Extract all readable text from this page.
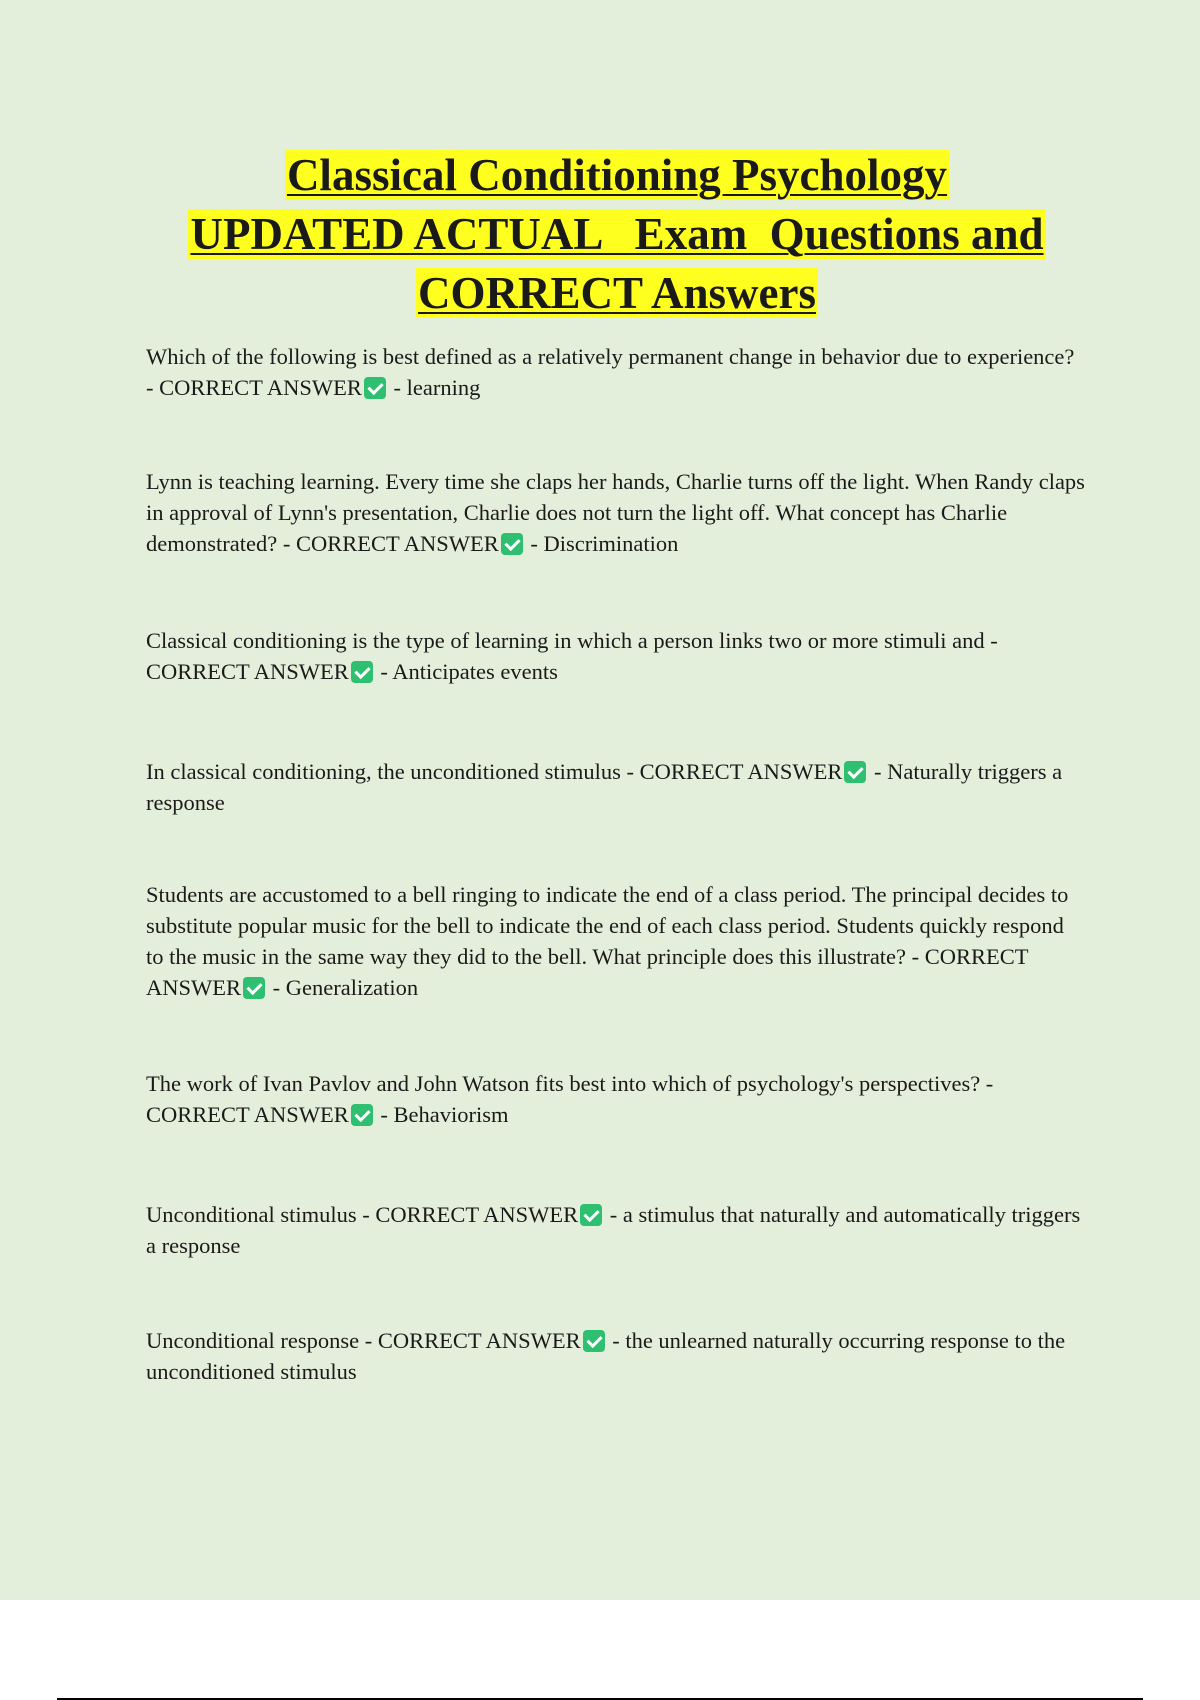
Classical Conditioning Psychology
UPDATED ACTUAL   Exam  Questions and
CORRECT Answers

Which of the following is best defined as a relatively permanent change in behavior due to experience? - CORRECT ANSWER - learning

Lynn is teaching learning. Every time she claps her hands, Charlie turns off the light. When Randy claps in approval of Lynn's presentation, Charlie does not turn the light off. What concept has Charlie demonstrated? - CORRECT ANSWER - Discrimination

Classical conditioning is the type of learning in which a person links two or more stimuli and - CORRECT ANSWER - Anticipates events

In classical conditioning, the unconditioned stimulus - CORRECT ANSWER - Naturally triggers a response

Students are accustomed to a bell ringing to indicate the end of a class period. The principal decides to substitute popular music for the bell to indicate the end of each class period. Students quickly respond to the music in the same way they did to the bell. What principle does this illustrate? - CORRECT ANSWER - Generalization

The work of Ivan Pavlov and John Watson fits best into which of psychology's perspectives? - CORRECT ANSWER - Behaviorism

Unconditional stimulus - CORRECT ANSWER - a stimulus that naturally and automatically triggers a response

Unconditional response - CORRECT ANSWER - the unlearned naturally occurring response to the unconditioned stimulus
